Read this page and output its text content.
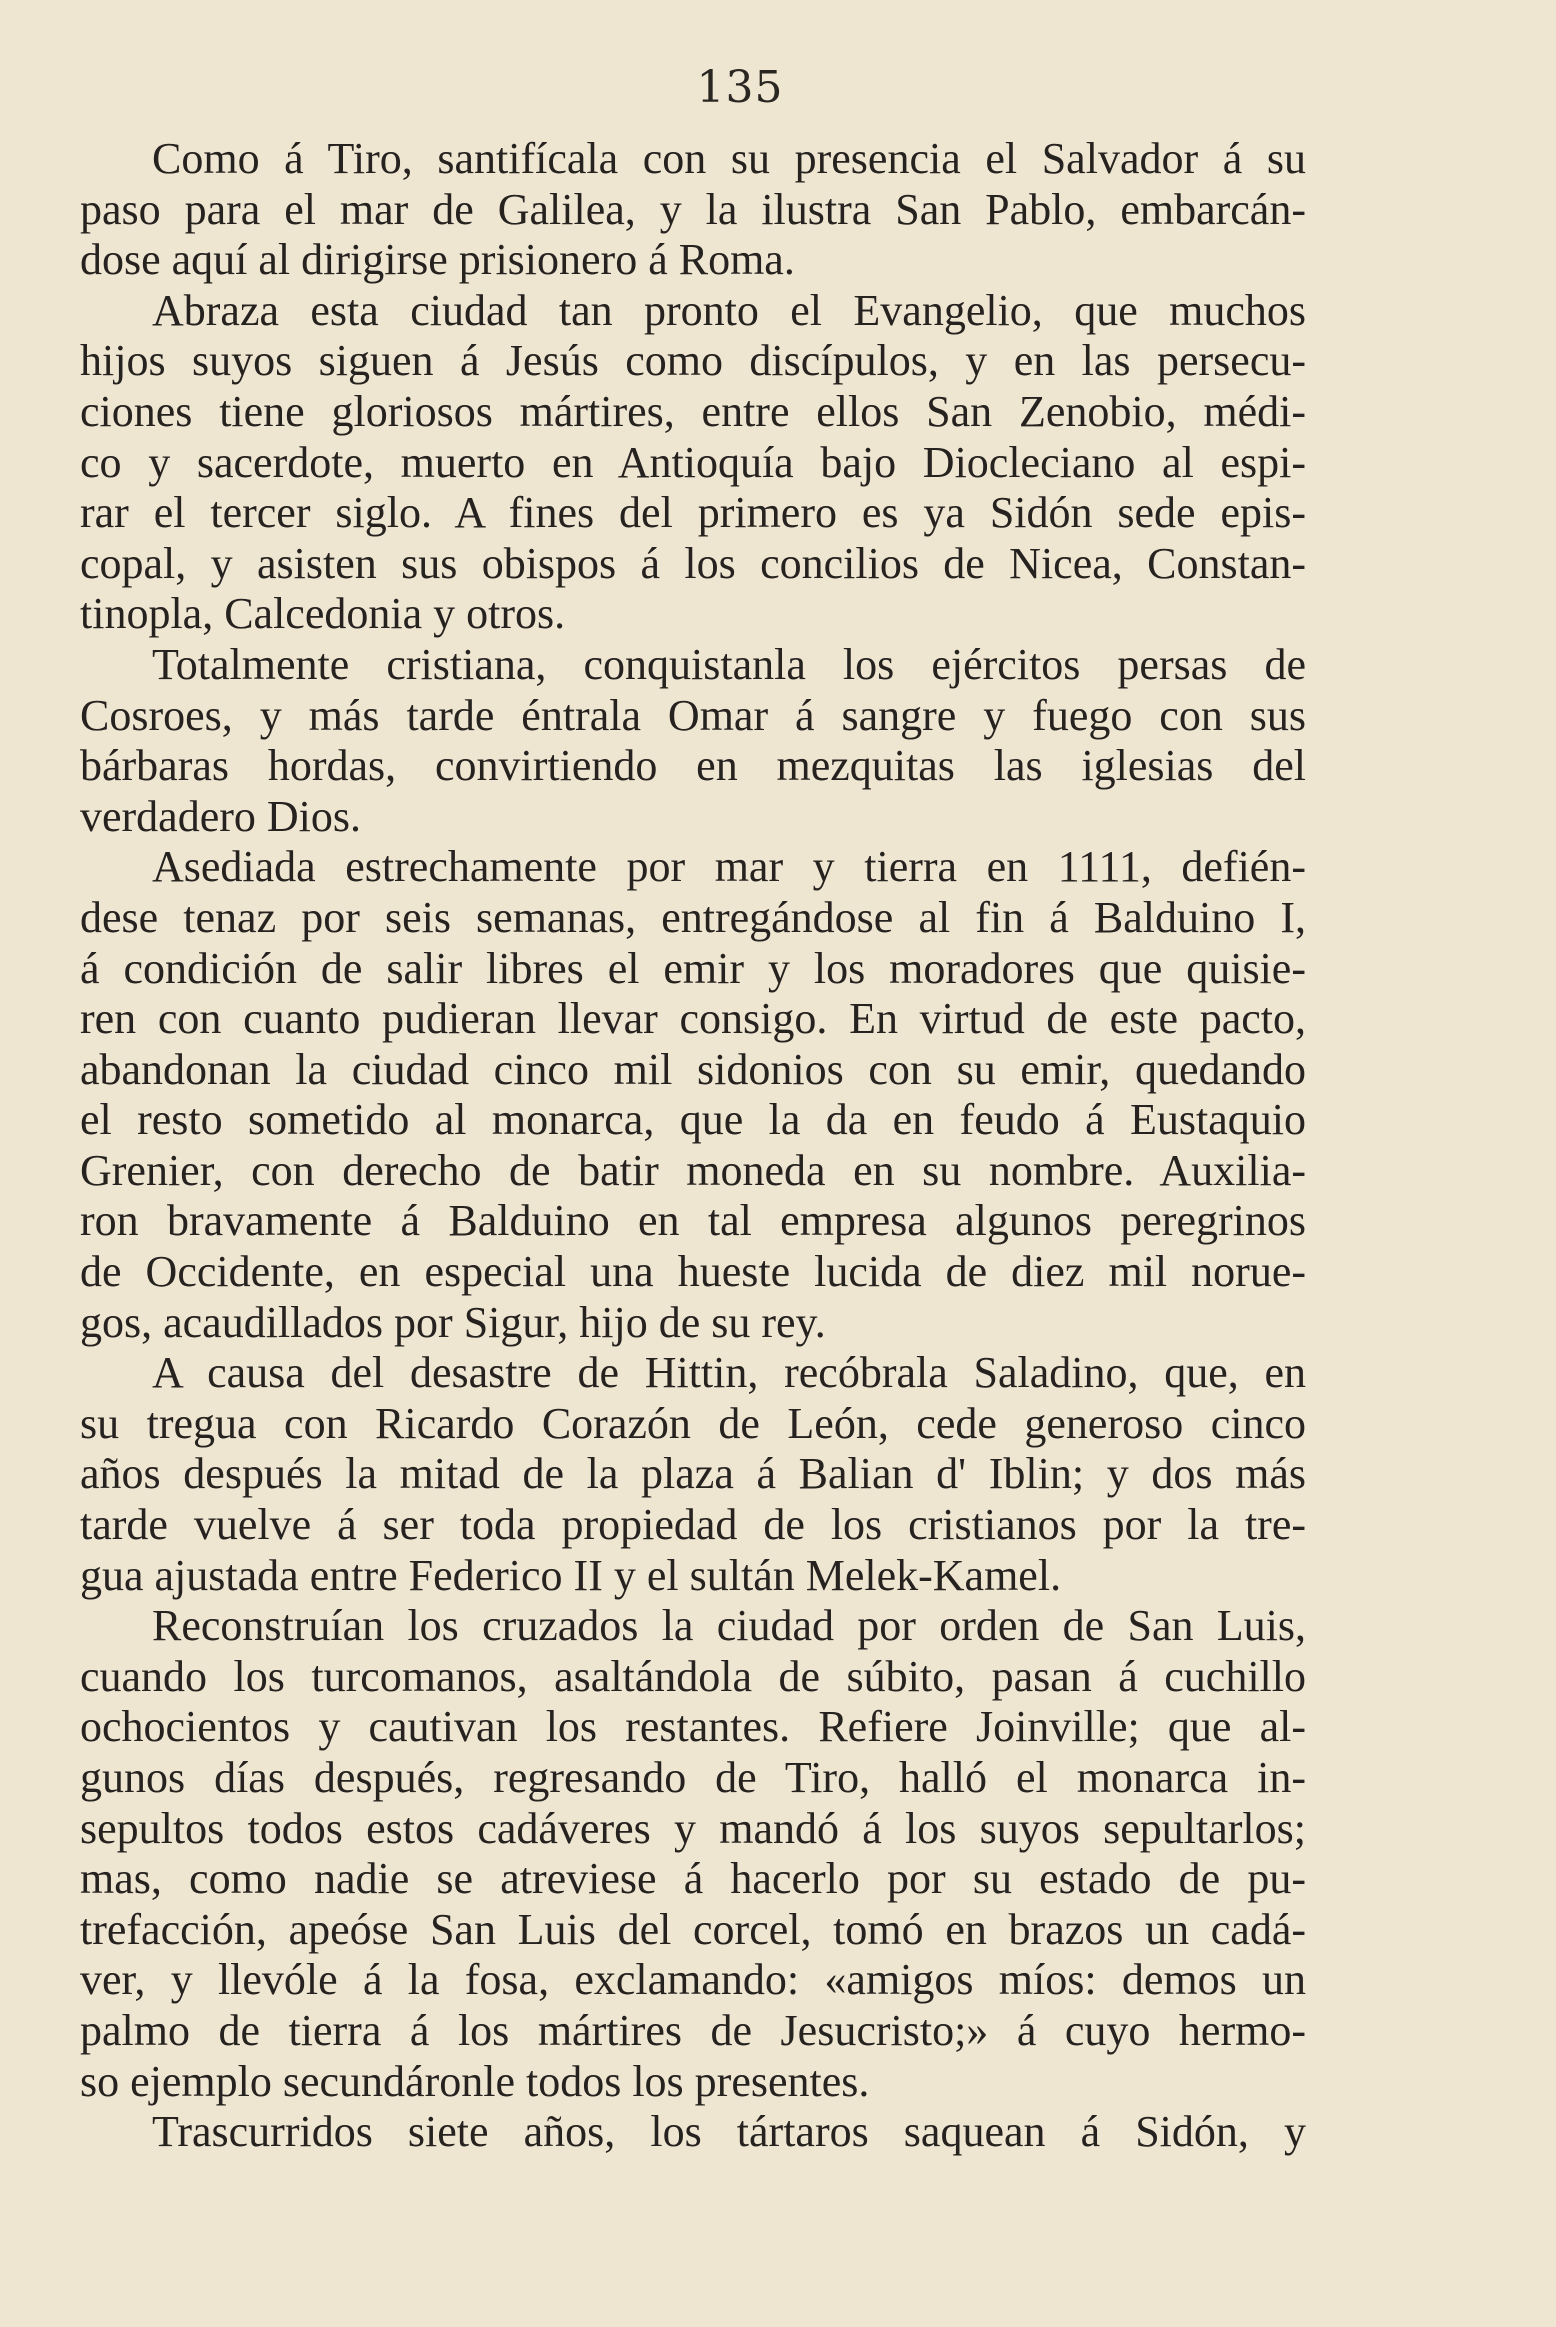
135
Como á Tiro, santifícala con su presencia el Salvador á su
paso para el mar de Galilea, y la ilustra San Pablo, embarcán-
dose aquí al dirigirse prisionero á Roma.
Abraza esta ciudad tan pronto el Evangelio, que muchos
hijos suyos siguen á Jesús como discípulos, y en las persecu-
ciones tiene gloriosos mártires, entre ellos San Zenobio, médi-
co y sacerdote, muerto en Antioquía bajo Diocleciano al espi-
rar el tercer siglo. A fines del primero es ya Sidón sede epis-
copal, y asisten sus obispos á los concilios de Nicea, Constan-
tinopla, Calcedonia y otros.
Totalmente cristiana, conquistanla los ejércitos persas de
Cosroes, y más tarde éntrala Omar á sangre y fuego con sus
bárbaras hordas, convirtiendo en mezquitas las iglesias del
verdadero Dios.
Asediada estrechamente por mar y tierra en 1111, defién-
dese tenaz por seis semanas, entregándose al fin á Balduino I,
á condición de salir libres el emir y los moradores que quisie-
ren con cuanto pudieran llevar consigo. En virtud de este pacto,
abandonan la ciudad cinco mil sidonios con su emir, quedando
el resto sometido al monarca, que la da en feudo á Eustaquio
Grenier, con derecho de batir moneda en su nombre. Auxilia-
ron bravamente á Balduino en tal empresa algunos peregrinos
de Occidente, en especial una hueste lucida de diez mil norue-
gos, acaudillados por Sigur, hijo de su rey.
A causa del desastre de Hittin, recóbrala Saladino, que, en
su tregua con Ricardo Corazón de León, cede generoso cinco
años después la mitad de la plaza á Balian d' Iblin; y dos más
tarde vuelve á ser toda propiedad de los cristianos por la tre-
gua ajustada entre Federico II y el sultán Melek-Kamel.
Reconstruían los cruzados la ciudad por orden de San Luis,
cuando los turcomanos, asaltándola de súbito, pasan á cuchillo
ochocientos y cautivan los restantes. Refiere Joinville; que al-
gunos días después, regresando de Tiro, halló el monarca in-
sepultos todos estos cadáveres y mandó á los suyos sepultarlos;
mas, como nadie se atreviese á hacerlo por su estado de pu-
trefacción, apeóse San Luis del corcel, tomó en brazos un cadá-
ver, y llevóle á la fosa, exclamando: «amigos míos: demos un
palmo de tierra á los mártires de Jesucristo;» á cuyo hermo-
so ejemplo secundáronle todos los presentes.
Trascurridos siete años, los tártaros saquean á Sidón, y
